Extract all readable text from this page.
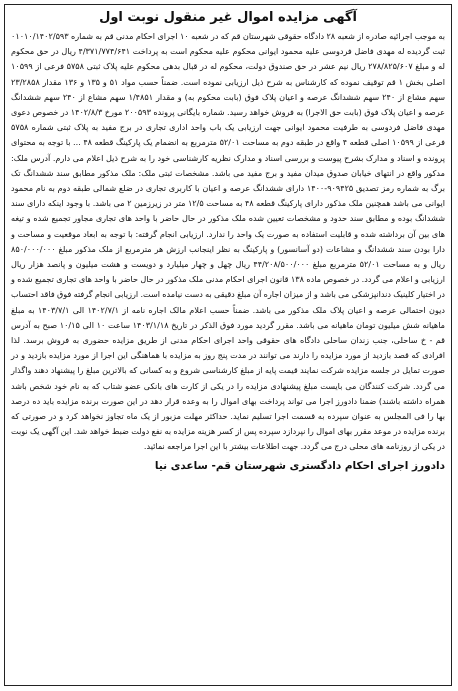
آگهی مزایده اموال غیر منقول نوبت اول

به موجب اجرائیه صادره از شعبه ۲۸ دادگاه حقوقی شهرستان قم که در شعبه ۱۰ اجرای احکام مدنی قم به شماره ۰۱۰۱۰/۱۴۰۲/۵۹۳ ثبت گردیده له مهدی فاضل فردوسی علیه محمود ایوانی محکوم علیه محکوم است به پرداخت ۴/۳۷۱/۷۷۴/۶۴۱ ریال در حق محکوم له و مبلغ ۲۷۸/۸۲۵/۶۰۷ ریال نیم عشر در حق صندوق دولت، محکوم له در قبال بدهی محکوم علیه پلاک ثبتی ۵۷۵۸ فرعی از ۱۰۵۹۹ اصلی بخش ۱ قم توقیف نموده که کارشناس به شرح ذیل ارزیابی نموده است. ضمناً حسب مواد ۵۱ و ۱۳۵ و ۱۳۶ مقدار ۲۳/۲۸۵۸ سهم مشاع از ۲۴۰ سهم ششدانگ عرصه و اعیان پلاک فوق (بابت محکوم به) و مقدار ۱/۴۸۵۱ سهم مشاع از ۲۴۰ سهم ششدانگ عرصه و اعیان پلاک فوق (بابت حق الاجرا) به فروش خواهد رسید. شماره بایگانی پرونده ۲۰۰۵۹۳ مورخ ۱۴۰۲/۸/۳ در خصوص دعوی مهدی فاضل فردوسی به طرفیت محمود ایوانی جهت ارزیابی یک باب واحد اداری تجاری در برج مفید به پلاک ثبتی شماره ۵۷۵۸ فرعی از ۱۰۵۹۹ اصلی قطعه ۴ واقع در طبقه دوم به مساحت ۵۲/۰۱ مترمربع به انضمام یک پارکینگ قطعه ۴۸ ... با توجه به محتوای پرونده و اسناد و مدارک بشرح پیوست و بررسی اسناد و مدارک نظریه کارشناسی خود را به شرح ذیل اعلام می دارم. آدرس ملک: مدکور واقع در انتهای خیابان صدوق میدان مفید و برج مفید می باشد. مشخصات ثبتی ملک: ملک مذکور مطابق سند ششدانگ تک برگ به شماره رمز تصدیق ۹۰۹۴۲۵-۱۴۰۰ دارای ششدانگ عرصه و اعیان با کاربری تجاری در ضلع شمالی طبقه دوم به نام محمود ایوانی می باشد همچنین ملک مذکور دارای پارکینگ قطعه ۴۸ به مساحت ۱۲/۵ متر در زیرزمین ۲ می باشد. با وجود اینکه دارای سند ششدانگ بوده و مطابق سند حدود و مشخصات تعیین شده ملک مذکور در حال حاضر با واحد های تجاری مجاور تجمیع شده و تیغه های بین آن برداشته شده و قابلیت استفاده به صورت یک واحد را ندارد. ارزیابی انجام گرفته: با توجه به ابعاد موقعیت و مساحت و دارا بودن سند ششدانگ و مشاعات (دو آسانسور) و پارکینگ به نظر اینجانب ارزش هر مترمربع از ملک مذکور مبلغ ۸۵۰/۰۰۰/۰۰۰ ریال و به مساحت ۵۲/۰۱ مترمربع مبلغ ۴۴/۲۰۸/۵۰۰/۰۰۰ ریال چهل و چهار میلیارد و دویست و هشت میلیون و پانصد هزار ریال ارزیابی و اعلام می گردد. در خصوص ماده ۱۳۸ قانون اجرای احکام مدنی ملک مذکور در حال حاضر با واحد های تجاری تجمیع شده و در اختیار کلینیک دندانپزشکی می باشد و از میزان اجاره آن مبلغ دقیقی به دست نیامده است. ارزیابی انجام گرفته فوق فاقد احتساب دیون احتمالی عرصه و اعیان پلاک ملک مذکور می باشد. ضمناً حسب اعلام مالک اجاره نامه از ۱۴۰۲/۷/۱ الی ۱۴۰۳/۷/۱ به مبلغ ماهیانه شش میلیون تومان ماهیانه می باشد. مقرر گردید مورد فوق الذکر در تاریخ ۱۴۰۳/۱/۱۸ ساعت ۱۰ الی ۱۰/۱۵ صبح به آدرس قم - خ ساحلی، جنب زندان ساحلی دادگاه های حقوقی واحد اجرای احکام مدنی از طریق مزایده حضوری به فروش برسد. لذا افرادی که قصد بازدید از مورد مزایده را دارند می توانند در مدت پنج روز به مزایده با هماهنگی این اجرا از مورد مزایده بازدید و در صورت تمایل در جلسه مزایده شرکت نمایند قیمت پایه از مبلغ کارشناسی شروع و به کسانی که بالاترین مبلغ را پیشنهاد دهند واگذار می گردد. شرکت کنندگان می بایست مبلغ پیشنهادی مزایده را در یکی از کارت های بانکی عضو شتاب که به نام خود شخص باشد همراه داشته باشند) ضمنا دادورز اجرا می تواند پرداخت بهای اموال را به وعده قرار دهد در این صورت برنده مزایده باید ده درصد بها را فی المجلس به عنوان سپرده به قسمت اجرا تسلیم نماید. حداکثر مهلت مزبور از یک ماه تجاوز نخواهد کرد و در صورتی که برنده مزایده در موعد مقرر بهای اموال را نپردازد سپرده پس از کسر هزینه مزایده به نفع دولت ضبط خواهد شد. این آگهی یک نوبت در یکی از روزنامه های محلی درج می گردد. جهت اطلاعات بیشتر با این اجرا مراجعه نمائید.

دادورز اجرای احکام دادگستری شهرستان قم- ساعدی نیا
